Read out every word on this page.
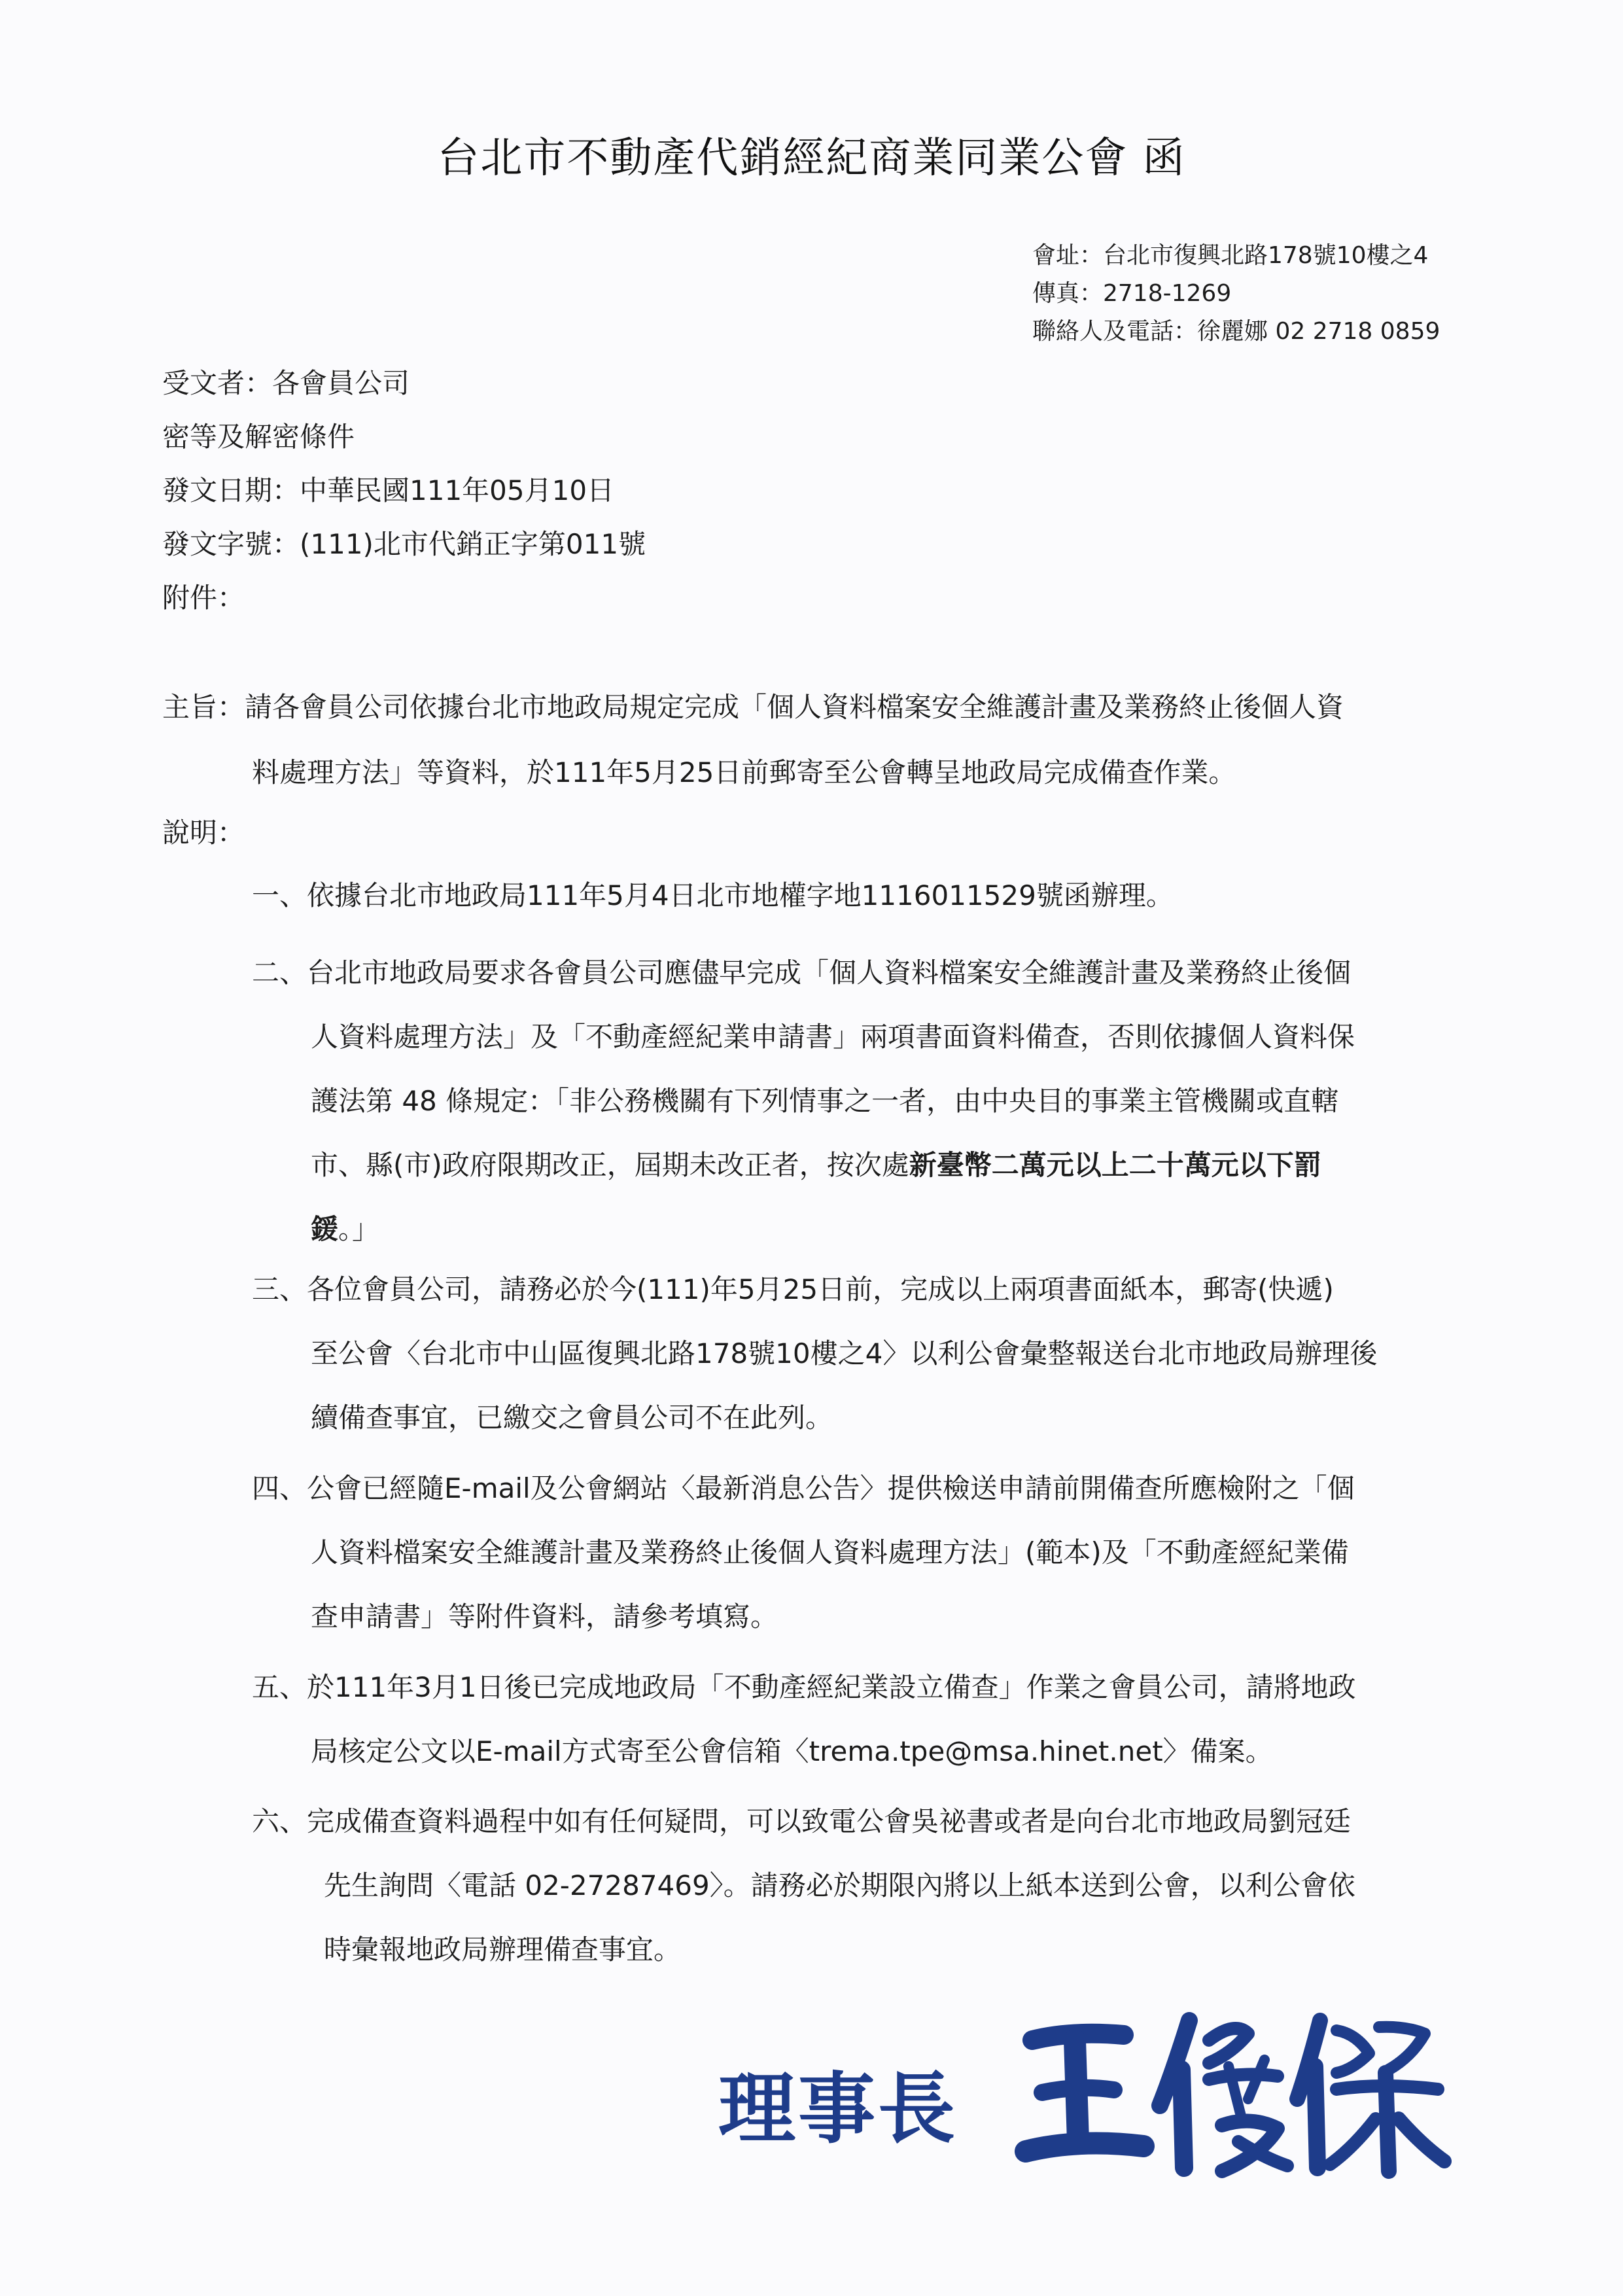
台北市不動產代銷經紀商業同業公會 函
會址：台北市復興北路178號10樓之4
傳真：2718-1269
聯絡人及電話：徐麗娜 02 2718 0859
受文者：各會員公司
密等及解密條件
發文日期：中華民國111年05月10日
發文字號：(111)北市代銷正字第011號
附件：
主旨：請各會員公司依據台北市地政局規定完成「個人資料檔案安全維護計畫及業務終止後個人資
料處理方法」等資料，於111年5月25日前郵寄至公會轉呈地政局完成備查作業。
說明：
一、依據台北市地政局111年5月4日北市地權字地1116011529號函辦理。
二、台北市地政局要求各會員公司應儘早完成「個人資料檔案安全維護計畫及業務終止後個
人資料處理方法」及「不動產經紀業申請書」兩項書面資料備查，否則依據個人資料保
護法第 48 條規定：「非公務機關有下列情事之一者，由中央目的事業主管機關或直轄
市、縣(市)政府限期改正，屆期未改正者，按次處新臺幣二萬元以上二十萬元以下罰
鍰。」
三、各位會員公司，請務必於今(111)年5月25日前，完成以上兩項書面紙本，郵寄(快遞)
至公會〈台北市中山區復興北路178號10樓之4〉以利公會彙整報送台北市地政局辦理後
續備查事宜，已繳交之會員公司不在此列。
四、公會已經隨E-mail及公會網站〈最新消息公告〉提供檢送申請前開備查所應檢附之「個
人資料檔案安全維護計畫及業務終止後個人資料處理方法」(範本)及「不動產經紀業備
查申請書」等附件資料，請參考填寫。
五、於111年3月1日後已完成地政局「不動產經紀業設立備查」作業之會員公司，請將地政
局核定公文以E-mail方式寄至公會信箱〈trema.tpe@msa.hinet.net〉備案。
六、完成備查資料過程中如有任何疑問，可以致電公會吳祕書或者是向台北市地政局劉冠廷
先生詢問〈電話 02-27287469〉。請務必於期限內將以上紙本送到公會，以利公會依
時彙報地政局辦理備查事宜。
理事長
